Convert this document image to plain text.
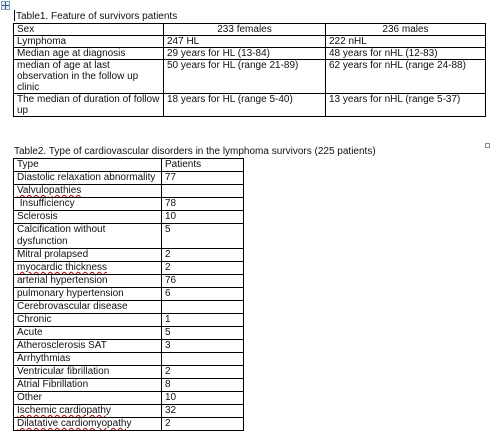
Table1. Feature of survivors patients
Sex	233 females	236 males
Lymphoma	247 HL	222 nHL
Median age at diagnosis	29 years for HL (13-84)	48 years for nHL (12-83)
median of age at last observation in the follow up clinic	50 years for HL (range 21-89)	62 years for nHL (range 24-88)
The median of duration of follow up	18 years for HL (range 5-40)	13 years for nHL (range 5-37)
Table2. Type of cardiovascular disorders in the lymphoma survivors (225 patients)
Type	Patients
Diastolic relaxation abnormality	77
Valvulopathies	
Insufficiency	78
Sclerosis	10
Calcification without dysfunction	5
Mitral prolapsed	2
myocardic thickness	2
arterial hypertension	76
pulmonary hypertension	6
Cerebrovascular disease	
Chronic	1
Acute	5
Atherosclerosis SAT	3
Arrhythmias	
Ventricular fibrillation	2
Atrial Fibrillation	8
Other	10
Ischemic cardiopathy	32
Dilatative cardiomyopathy	2
